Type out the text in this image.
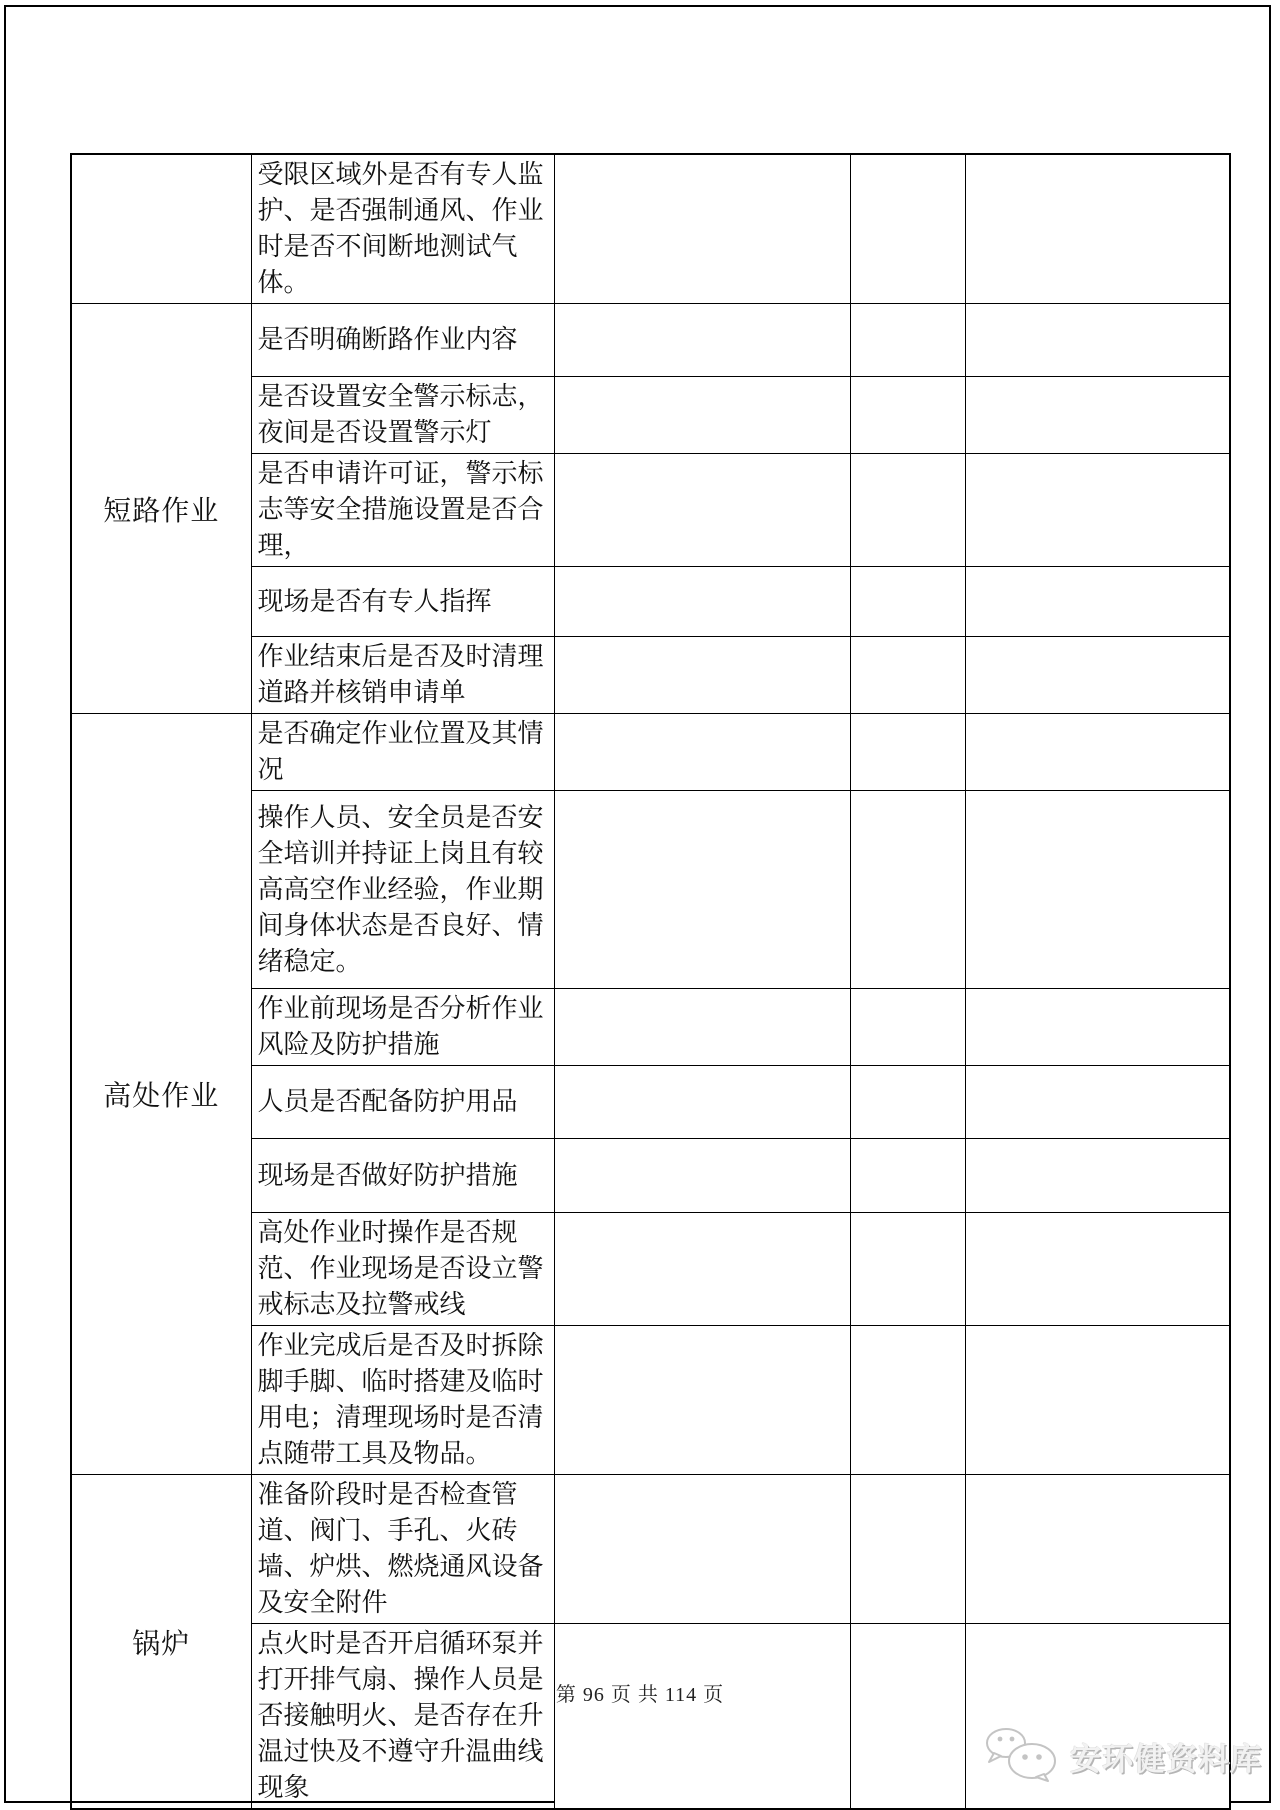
	受限区域外是否有专人监护、是否强制通风、作业时是否不间断地测试气体。			
短路作业	是否明确断路作业内容			
	是否设置安全警示标志，夜间是否设置警示灯			
	是否申请许可证，警示标志等安全措施设置是否合理，			
	现场是否有专人指挥			
	作业结束后是否及时清理道路并核销申请单			
高处作业	是否确定作业位置及其情况			
	操作人员、安全员是否安全培训并持证上岗且有较高高空作业经验，作业期间身体状态是否良好、情绪稳定。			
	作业前现场是否分析作业风险及防护措施			
	人员是否配备防护用品			
	现场是否做好防护措施			
	高处作业时操作是否规范、作业现场是否设立警戒标志及拉警戒线			
	作业完成后是否及时拆除脚手脚、临时搭建及临时用电；清理现场时是否清点随带工具及物品。			
锅炉	准备阶段时是否检查管道、阀门、手孔、火砖墙、炉烘、燃烧通风设备及安全附件			
	点火时是否开启循环泵并打开排气扇、操作人员是否接触明火、是否存在升温过快及不遵守升温曲线现象			
第 96 页 共 114 页
安环健资料库
